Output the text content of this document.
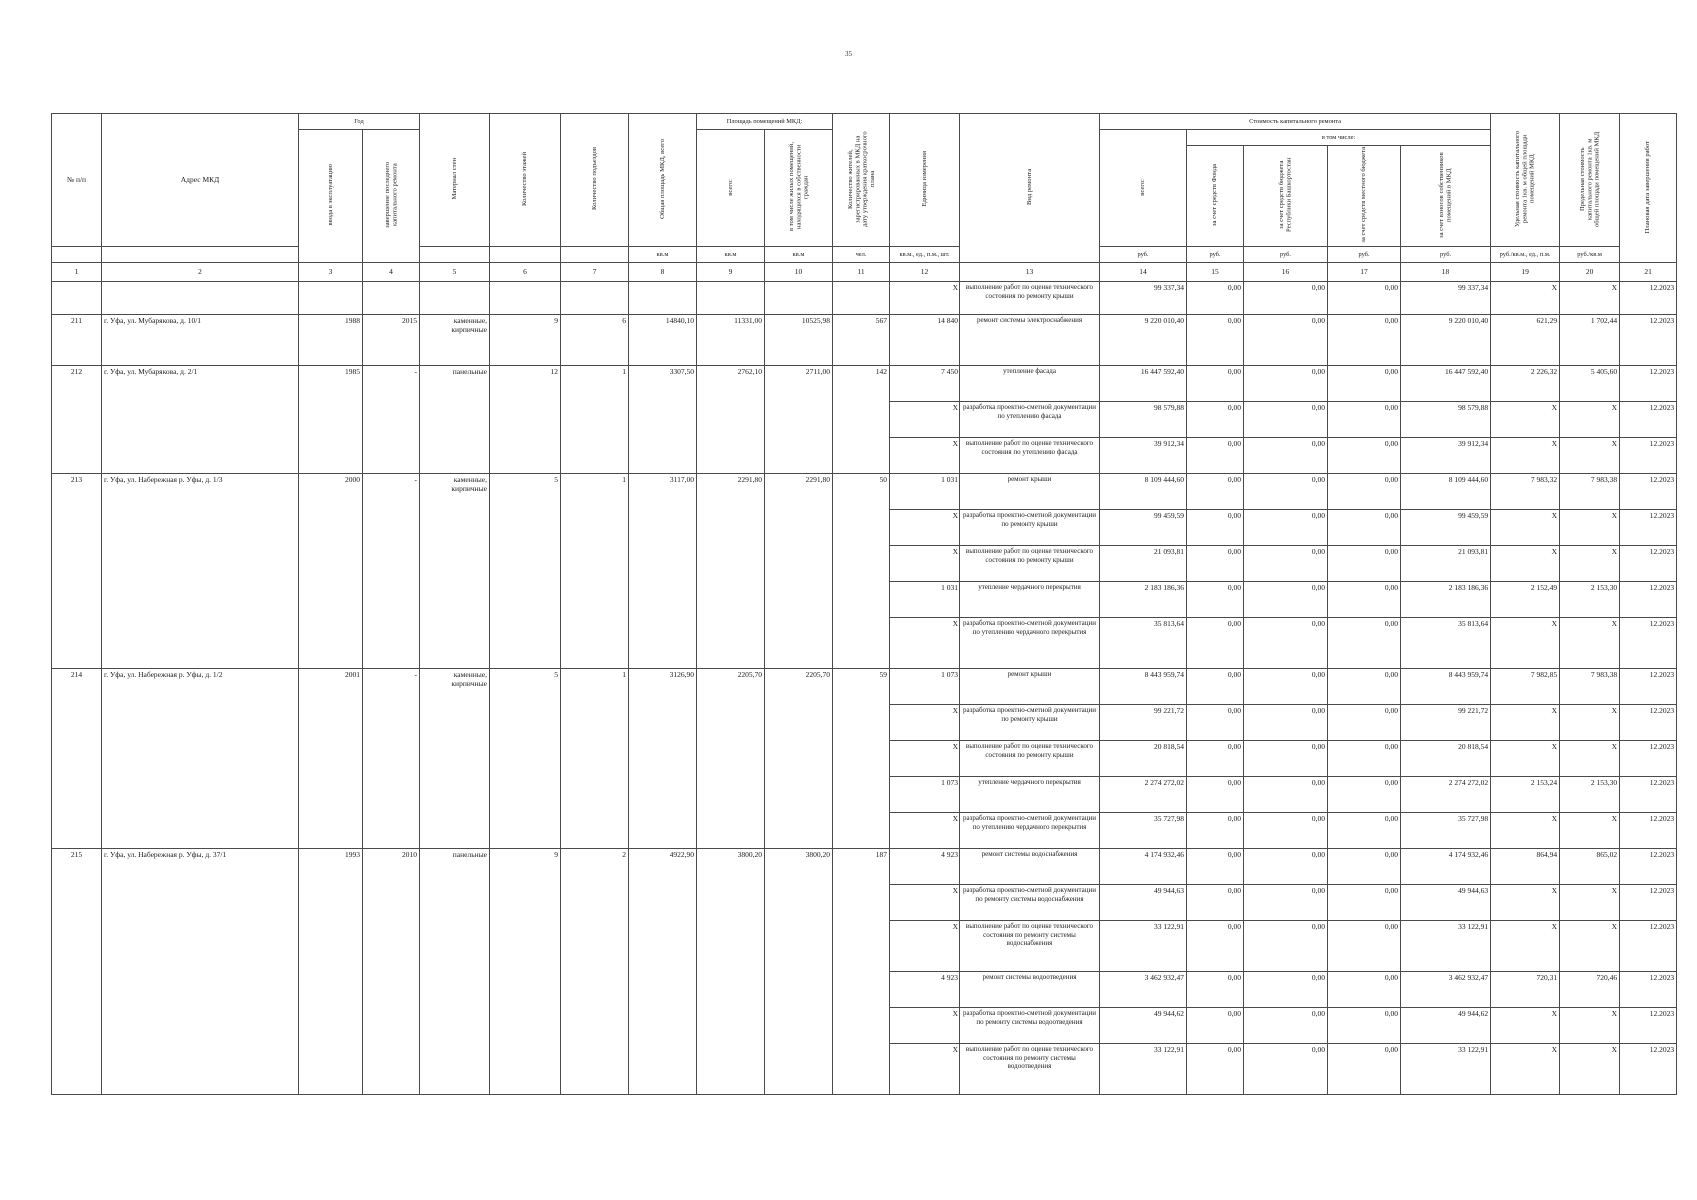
35
№ п/п	Адрес МКД	Год		Материал стен	Количество этажей	Количество подъездов	Общая площадь МКД, всего	Площадь помещений МКД:		Количество жителей, зарегистрированных в МКД на дату утверждения краткосрочного плана	Единица измерения	Вид ремонта	Стоимость капитального ремонта					Удельная стоимость капитального ремонта 1кв. м общей площади помещений МКД	Предельная стоимость капитального ремонта 1кв. м общей площади помещений МКД	Плановая дата завершения работ
		ввода в эксплуатацию	завершение последнего капитального ремонта					всего:	в том числе жилых помещений, находящихся в собственности граждан				всего:	в том числе:						
														за счет средств Фонда	за счет средств бюджета Республики Башкортостан	за счет средств местного бюджета	за счет взносов собственников помещений в МКД			
							кв.м	кв.м	кв.м	чел.	кв.м., ед., п.м., шт.		руб.	руб.	руб.	руб.	руб.	руб./кв.м., ед., п.м.	руб./кв.м	
1	2	3	4	5	6	7	8	9	10	11	12	13	14	15	16	17	18	19	20	21
											X	выполнение работ по оценке технического состояния по ремонту крыши	99 337,34	0,00	0,00	0,00	99 337,34	X	X	12.2023
211	г. Уфа, ул. Мубарякова, д. 10/1	1988	2015	каменные, кирпичные	9	6	14840,10	11331,00	10525,98	567	14 840	ремонт системы электроснабжения	9 220 010,40	0,00	0,00	0,00	9 220 010,40	621,29	1 702,44	12.2023
212	г. Уфа, ул. Мубарякова, д. 2/1	1985	-	панельные	12	1	3307,50	2762,10	2711,00	142	7 450	утепление фасада	16 447 592,40	0,00	0,00	0,00	16 447 592,40	2 226,32	5 405,60	12.2023
											X	разработка проектно-сметной документации по утеплению фасада	98 579,88	0,00	0,00	0,00	98 579,88	X	X	12.2023
											X	выполнение работ по оценке технического состояния по утеплению фасада	39 912,34	0,00	0,00	0,00	39 912,34	X	X	12.2023
213	г. Уфа, ул. Набережная р. Уфы, д. 1/3	2000	-	каменные, кирпичные	5	1	3117,00	2291,80	2291,80	50	1 031	ремонт крыши	8 109 444,60	0,00	0,00	0,00	8 109 444,60	7 983,32	7 983,38	12.2023
											X	разработка проектно-сметной документации по ремонту крыши	99 459,59	0,00	0,00	0,00	99 459,59	X	X	12.2023
											X	выполнение работ по оценке технического состояния по ремонту крыши	21 093,81	0,00	0,00	0,00	21 093,81	X	X	12.2023
											1 031	утепление чердачного перекрытия	2 183 186,36	0,00	0,00	0,00	2 183 186,36	2 152,49	2 153,30	12.2023
											X	разработка проектно-сметной документации по утеплению чердачного перекрытия	35 813,64	0,00	0,00	0,00	35 813,64	X	X	12.2023
214	г. Уфа, ул. Набережная р. Уфы, д. 1/2	2001	-	каменные, кирпичные	5	1	3126,90	2205,70	2205,70	59	1 073	ремонт крыши	8 443 959,74	0,00	0,00	0,00	8 443 959,74	7 982,85	7 983,38	12.2023
											X	разработка проектно-сметной документации по ремонту крыши	99 221,72	0,00	0,00	0,00	99 221,72	X	X	12.2023
											X	выполнение работ по оценке технического состояния по ремонту крыши	20 818,54	0,00	0,00	0,00	20 818,54	X	X	12.2023
											1 073	утепление чердачного перекрытия	2 274 272,02	0,00	0,00	0,00	2 274 272,02	2 153,24	2 153,30	12.2023
											X	разработка проектно-сметной документации по утеплению чердачного перекрытия	35 727,98	0,00	0,00	0,00	35 727,98	X	X	12.2023
215	г. Уфа, ул. Набережная р. Уфы, д. 37/1	1993	2010	панельные	9	2	4922,90	3800,20	3800,20	187	4 923	ремонт системы водоснабжения	4 174 932,46	0,00	0,00	0,00	4 174 932,46	864,94	865,02	12.2023
											X	разработка проектно-сметной документации по ремонту системы водоснабжения	49 944,63	0,00	0,00	0,00	49 944,63	X	X	12.2023
											X	выполнение работ по оценке технического состояния по ремонту системы водоснабжения	33 122,91	0,00	0,00	0,00	33 122,91	X	X	12.2023
											4 923	ремонт системы водоотведения	3 462 932,47	0,00	0,00	0,00	3 462 932,47	720,31	720,46	12.2023
											X	разработка проектно-сметной документации по ремонту системы водоотведения	49 944,62	0,00	0,00	0,00	49 944,62	X	X	12.2023
											X	выполнение работ по оценке технического состояния по ремонту системы водоотведения	33 122,91	0,00	0,00	0,00	33 122,91	X	X	12.2023
